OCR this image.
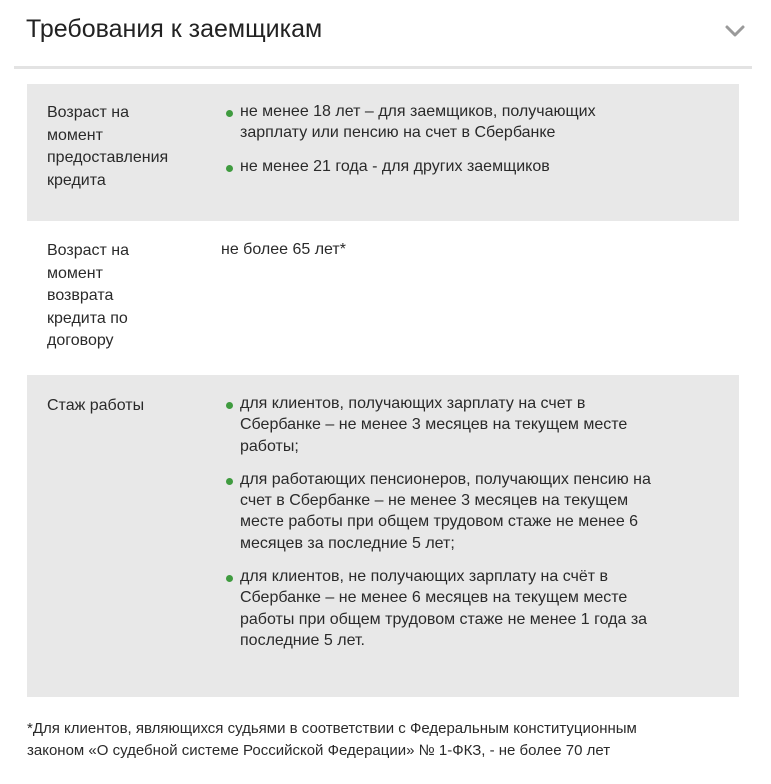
Требования к заемщикам
Возраст на
момент
предоставления
кредита
не менее 18 лет – для заемщиков, получающих
зарплату или пенсию на счет в Сбербанке
не менее 21 года - для других заемщиков
Возраст на
момент
возврата
кредита по
договору
не более 65 лет*
Стаж работы	для клиентов, получающих зарплату на счет в
Сбербанке – не менее 3 месяцев на текущем месте
работы;
для работающих пенсионеров, получающих пенсию на
счет в Сбербанке – не менее 3 месяцев на текущем
месте работы при общем трудовом стаже не менее 6
месяцев за последние 5 лет;
для клиентов, не получающих зарплату на счёт в
Сбербанке – не менее 6 месяцев на текущем месте
работы при общем трудовом стаже не менее 1 года за
последние 5 лет.
*Для клиентов, являющихся судьями в соответствии с Федеральным конституционным
законом «О судебной системе Российской Федерации» № 1-ФКЗ, - не более 70 лет
